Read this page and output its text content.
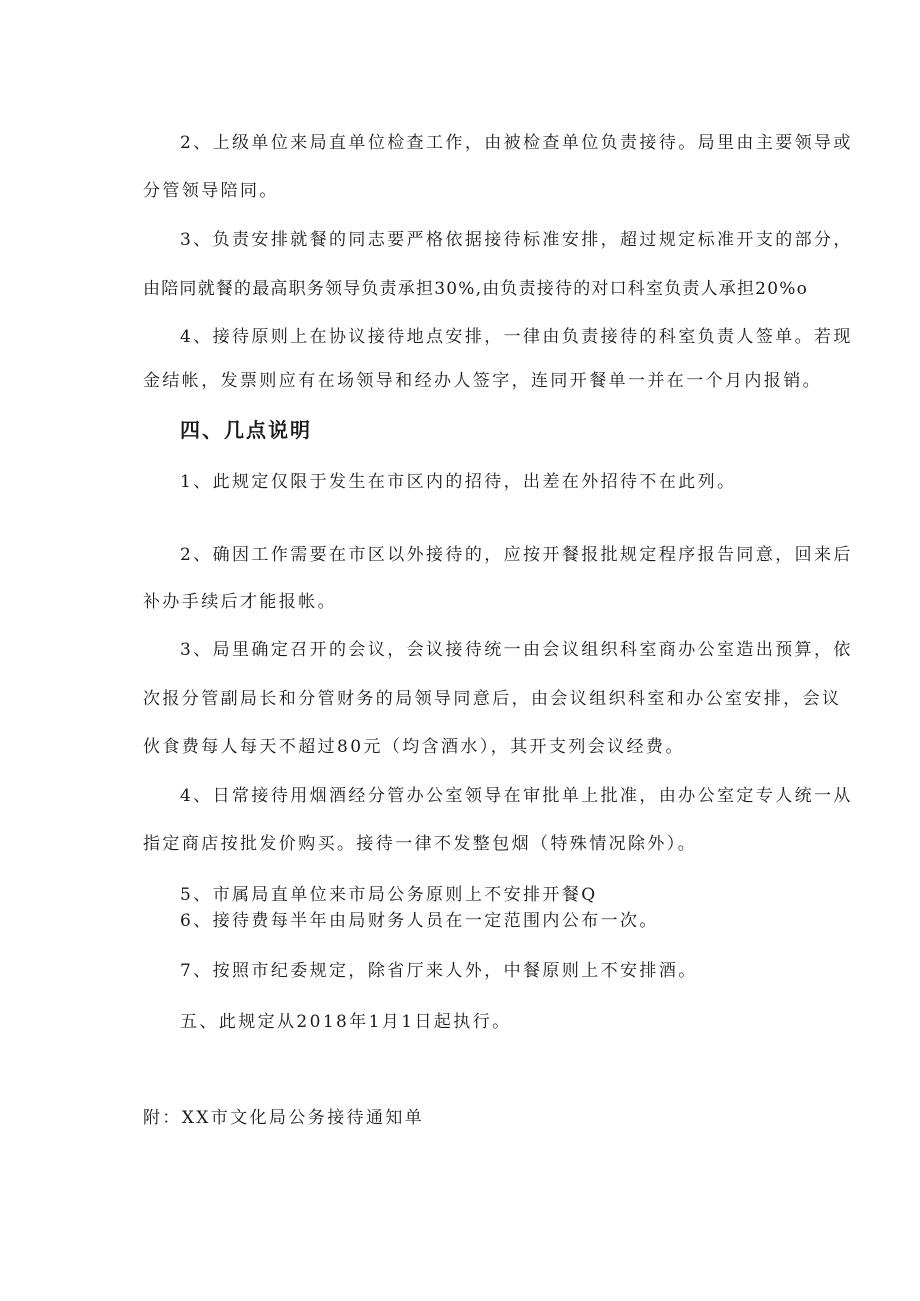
2、上级单位来局直单位检查工作，由被检查单位负责接待。局里由主要领导或
分管领导陪同。
3、负责安排就餐的同志要严格依据接待标准安排，超过规定标准开支的部分，
由陪同就餐的最高职务领导负责承担30%,由负责接待的对口科室负责人承担20%o
4、接待原则上在协议接待地点安排，一律由负责接待的科室负责人签单。若现
金结帐，发票则应有在场领导和经办人签字，连同开餐单一并在一个月内报销。
四、几点说明
1、此规定仅限于发生在市区内的招待，出差在外招待不在此列。
2、确因工作需要在市区以外接待的，应按开餐报批规定程序报告同意，回来后
补办手续后才能报帐。
3、局里确定召开的会议，会议接待统一由会议组织科室商办公室造出预算，依
次报分管副局长和分管财务的局领导同意后，由会议组织科室和办公室安排，会议
伙食费每人每天不超过80元（均含酒水），其开支列会议经费。
4、日常接待用烟酒经分管办公室领导在审批单上批准，由办公室定专人统一从
指定商店按批发价购买。接待一律不发整包烟（特殊情况除外）。
5、市属局直单位来市局公务原则上不安排开餐Q
6、接待费每半年由局财务人员在一定范围内公布一次。
7、按照市纪委规定，除省厅来人外，中餐原则上不安排酒。
五、此规定从2018年1月1日起执行。
附：XX市文化局公务接待通知单
